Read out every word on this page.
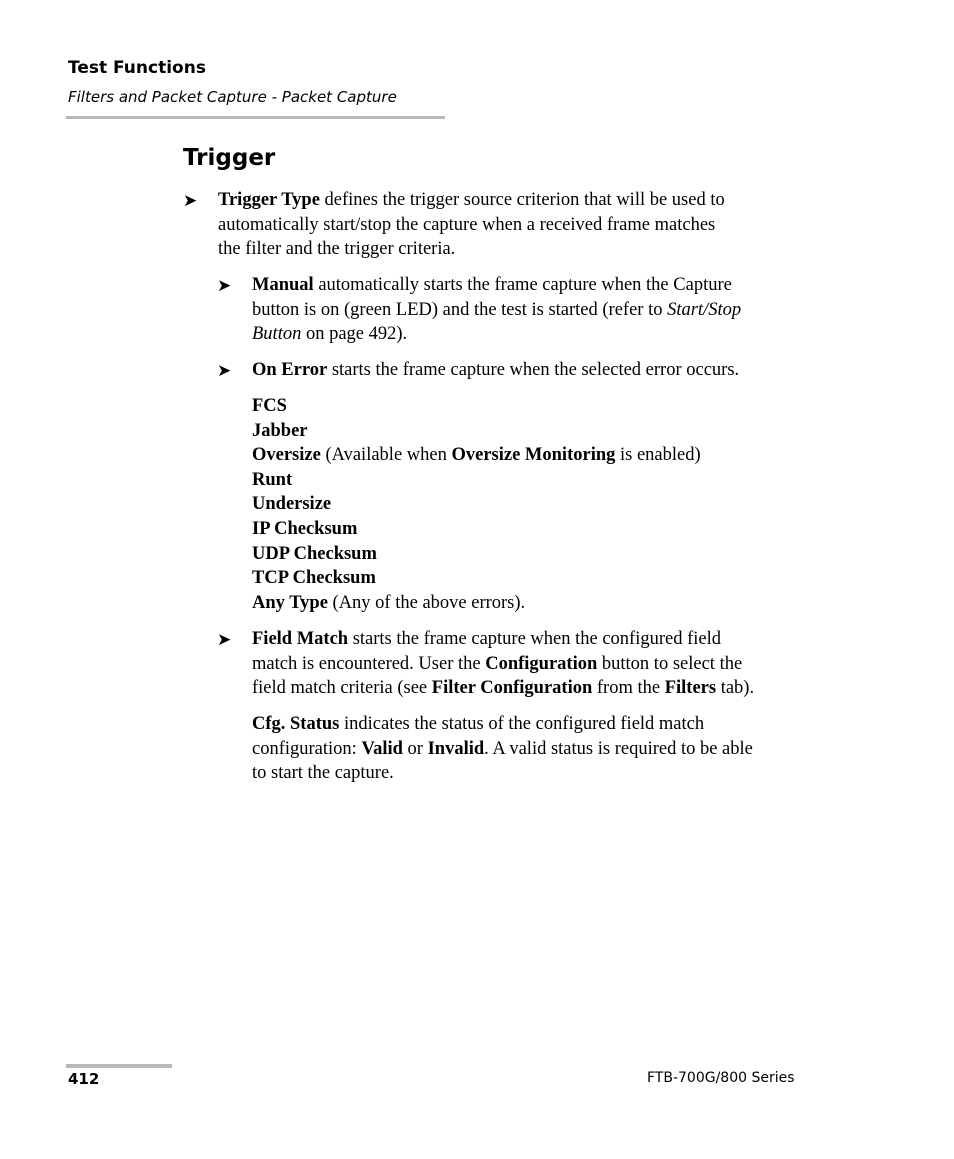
Test Functions
Filters and Packet Capture - Packet Capture
Trigger
➤ Trigger Type defines the trigger source criterion that will be used to
automatically start/stop the capture when a received frame matches
the filter and the trigger criteria.
➤ Manual automatically starts the frame capture when the Capture
button is on (green LED) and the test is started (refer to Start/Stop
Button on page 492).
➤ On Error starts the frame capture when the selected error occurs.
FCS
Jabber
Oversize (Available when Oversize Monitoring is enabled)
Runt
Undersize
IP Checksum
UDP Checksum
TCP Checksum
Any Type (Any of the above errors).
➤ Field Match starts the frame capture when the configured field
match is encountered. User the Configuration button to select the
field match criteria (see Filter Configuration from the Filters tab).
Cfg. Status indicates the status of the configured field match
configuration: Valid or Invalid. A valid status is required to be able
to start the capture.
412	FTB-700G/800 Series
